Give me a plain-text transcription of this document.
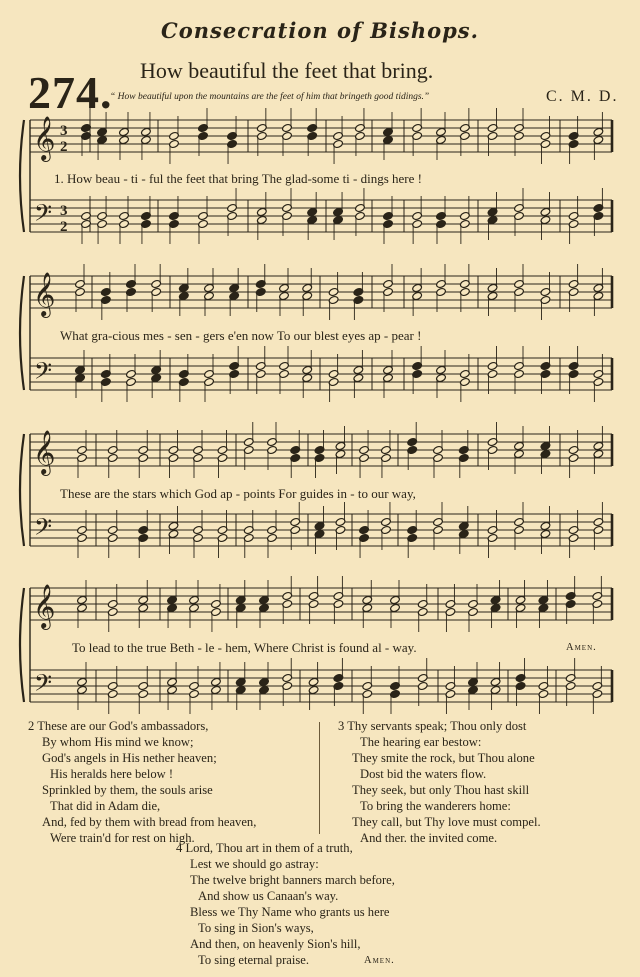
Consecration of Bishops.
274. How beautiful the feet that bring.
“ How beautiful upon the mountains are the feet of him that bringeth good tidings.”	C. M. D.
𝄞
𝄢
3
2
3
2
𝄞
𝄢
𝄞
𝄢
𝄞
𝄢
1. How beau - ti - ful the feet that bring The glad-some ti - dings here !
What gra-cious mes - sen - gers e'en now To our blest eyes ap - pear !
These are the stars which God ap - points For guides in - to our way,
To lead to the true Beth - le - hem, Where Christ is found al - way.	Amen.
2 These are our God's ambassadors,
By whom His mind we know;
God's angels in His nether heaven;
His heralds here below !
Sprinkled by them, the souls arise
That did in Adam die,
And, fed by them with bread from heaven,
Were train'd for rest on high.
3 Thy servants speak; Thou only dost
The hearing ear bestow:
They smite the rock, but Thou alone
Dost bid the waters flow.
They seek, but only Thou hast skill
To bring the wanderers home:
They call, but Thy love must compel.
And ther. the invited come.
4 Lord, Thou art in them of a truth,
Lest we should go astray:
The twelve bright banners march before,
And show us Canaan's way.
Bless we Thy Name who grants us here
To sing in Sion's ways,
And then, on heavenly Sion's hill,
To sing eternal praise.	Amen.
